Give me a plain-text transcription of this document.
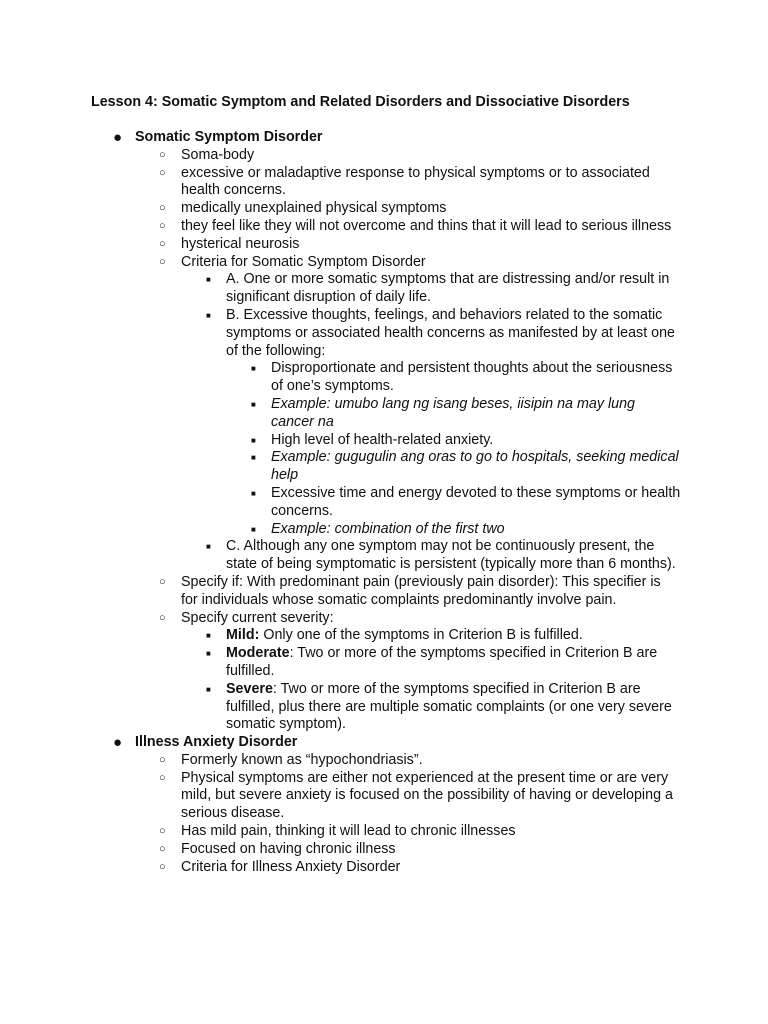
Lesson 4: Somatic Symptom and Related Disorders and Dissociative Disorders
● Somatic Symptom Disorder
○ Soma-body
○ excessive or maladaptive response to physical symptoms or to associated health concerns.
○ medically unexplained physical symptoms
○ they feel like they will not overcome and thins that it will lead to serious illness
○ hysterical neurosis
○ Criteria for Somatic Symptom Disorder
■ A. One or more somatic symptoms that are distressing and/or result in significant disruption of daily life.
■ B. Excessive thoughts, feelings, and behaviors related to the somatic symptoms or associated health concerns as manifested by at least one of the following:
■ Disproportionate and persistent thoughts about the seriousness of one’s symptoms.
■ Example: umubo lang ng isang beses, iisipin na may lung cancer na
■ High level of health-related anxiety.
■ Example: gugugulin ang oras to go to hospitals, seeking medical help
■ Excessive time and energy devoted to these symptoms or health concerns.
■ Example: combination of the first two
■ C. Although any one symptom may not be continuously present, the state of being symptomatic is persistent (typically more than 6 months).
○ Specify if: With predominant pain (previously pain disorder): This specifier is for individuals whose somatic complaints predominantly involve pain.
○ Specify current severity:
■ Mild: Only one of the symptoms in Criterion B is fulfilled.
■ Moderate: Two or more of the symptoms specified in Criterion B are fulfilled.
■ Severe: Two or more of the symptoms specified in Criterion B are fulfilled, plus there are multiple somatic complaints (or one very severe somatic symptom).
● Illness Anxiety Disorder
○ Formerly known as “hypochondriasis”.
○ Physical symptoms are either not experienced at the present time or are very mild, but severe anxiety is focused on the possibility of having or developing a serious disease.
○ Has mild pain, thinking it will lead to chronic illnesses
○ Focused on having chronic illness
○ Criteria for Illness Anxiety Disorder
